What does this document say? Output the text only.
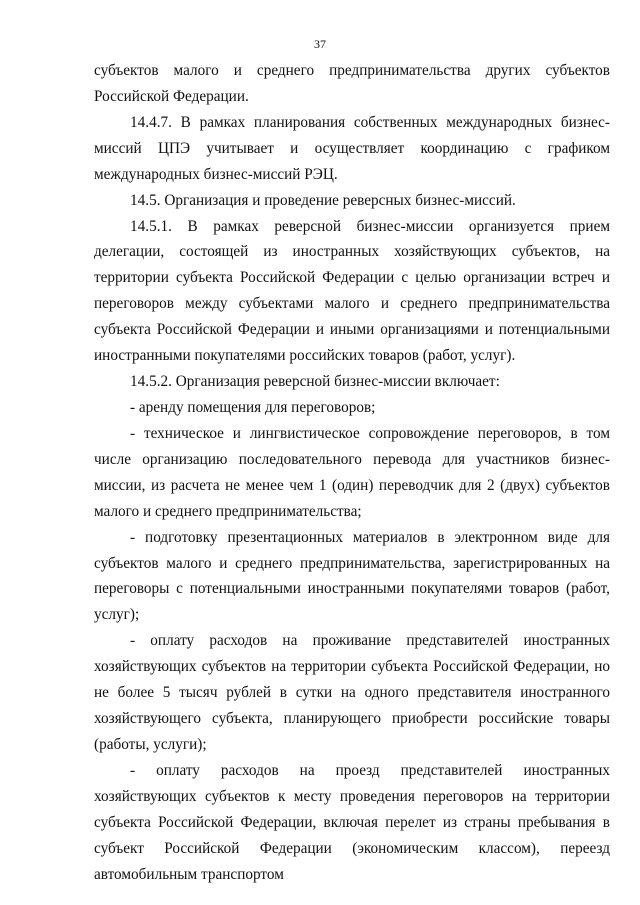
37

субъектов малого и среднего предпринимательства других субъектов Российской Федерации.

14.4.7. В рамках планирования собственных международных бизнес-миссий ЦПЭ учитывает и осуществляет координацию с графиком международных бизнес-миссий РЭЦ.

14.5. Организация и проведение реверсных бизнес-миссий.

14.5.1. В рамках реверсной бизнес-миссии организуется прием делегации, состоящей из иностранных хозяйствующих субъектов, на территории субъекта Российской Федерации с целью организации встреч и переговоров между субъектами малого и среднего предпринимательства субъекта Российской Федерации и иными организациями и потенциальными иностранными покупателями российских товаров (работ, услуг).

14.5.2. Организация реверсной бизнес-миссии включает:

- аренду помещения для переговоров;

- техническое и лингвистическое сопровождение переговоров, в том числе организацию последовательного перевода для участников бизнес-миссии, из расчета не менее чем 1 (один) переводчик для 2 (двух) субъектов малого и среднего предпринимательства;

- подготовку презентационных материалов в электронном виде для субъектов малого и среднего предпринимательства, зарегистрированных на переговоры с потенциальными иностранными покупателями товаров (работ, услуг);

- оплату расходов на проживание представителей иностранных хозяйствующих субъектов на территории субъекта Российской Федерации, но не более 5 тысяч рублей в сутки на одного представителя иностранного хозяйствующего субъекта, планирующего приобрести российские товары (работы, услуги);

- оплату расходов на проезд представителей иностранных хозяйствующих субъектов к месту проведения переговоров на территории субъекта Российской Федерации, включая перелет из страны пребывания в субъект Российской Федерации (экономическим классом), переезд автомобильным транспортом
